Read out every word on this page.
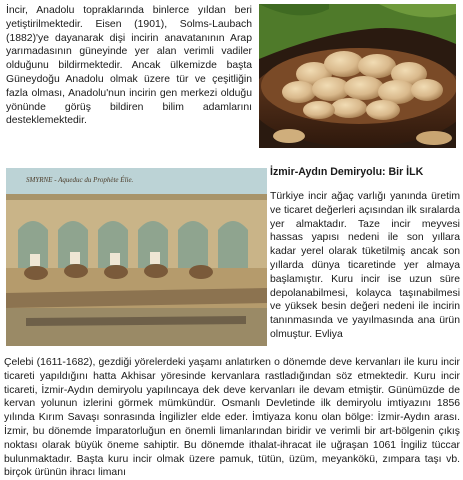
İncir, Anadolu topraklarında binlerce yıldan beri yetiştirilmektedir. Eisen (1901), Solms-Laubach (1882)'ye dayanarak dişi incirin anavatanının Arap yarımadasının güneyinde yer alan verimli vadiler olduğunu bildirmektedir. Ancak ülkemizde başta Güneydoğu Anadolu olmak üzere tür ve çeşitliğin fazla olması, Anadolu'nun incirin gen merkezi olduğu yönünde görüş bildiren bilim adamlarını desteklemektedir.

İzmir-Aydın Demiryolu: Bir İLK

SMYRNE - Aqueduc du Prophète Élie.

Türkiye incir ağaç varlığı yanında üretim ve ticaret değerleri açısından ilk sıralarda yer almaktadır. Taze incir meyvesi hassas yapısı nedeni ile son yıllara kadar yerel olarak tüketilmiş ancak son yıllarda dünya ticaretinde yer almaya başlamıştır. Kuru incir ise uzun süre depolanabilmesi, kolayca taşınabilmesi ve yüksek besin değeri nedeni ile incirin tanınmasında ve yayılmasında ana ürün olmuştur. Evliya

Çelebi (1611-1682), gezdiği yörelerdeki yaşamı anlatırken o dönemde deve kervanları ile kuru incir ticareti yapıldığını hatta Akhisar yöresinde kervanlara rastladığından söz etmektedir. Kuru incir ticareti, İzmir-Aydın demiryolu yapılıncaya dek deve kervanları ile devam etmiştir. Günümüzde de kervan yolunun izlerini görmek mümkündür. Osmanlı Devletinde ilk demiryolu imtiyazını 1856 yılında Kırım Savaşı sonrasında İngilizler elde eder. İmtiyaza konu olan bölge: İzmir-Aydın arası. İzmir, bu dönemde İmparatorluğun en önemli limanlarından biridir ve verimli bir art-bölgenin çıkış noktası olarak büyük öneme sahiptir. Bu dönemde ithalat-ihracat ile uğraşan 1061 İngiliz tüccar bulunmaktadır. Başta kuru incir olmak üzere pamuk, tütün, üzüm, meyankökü, zımpara taşı vb. birçok ürünün ihracı limanı
